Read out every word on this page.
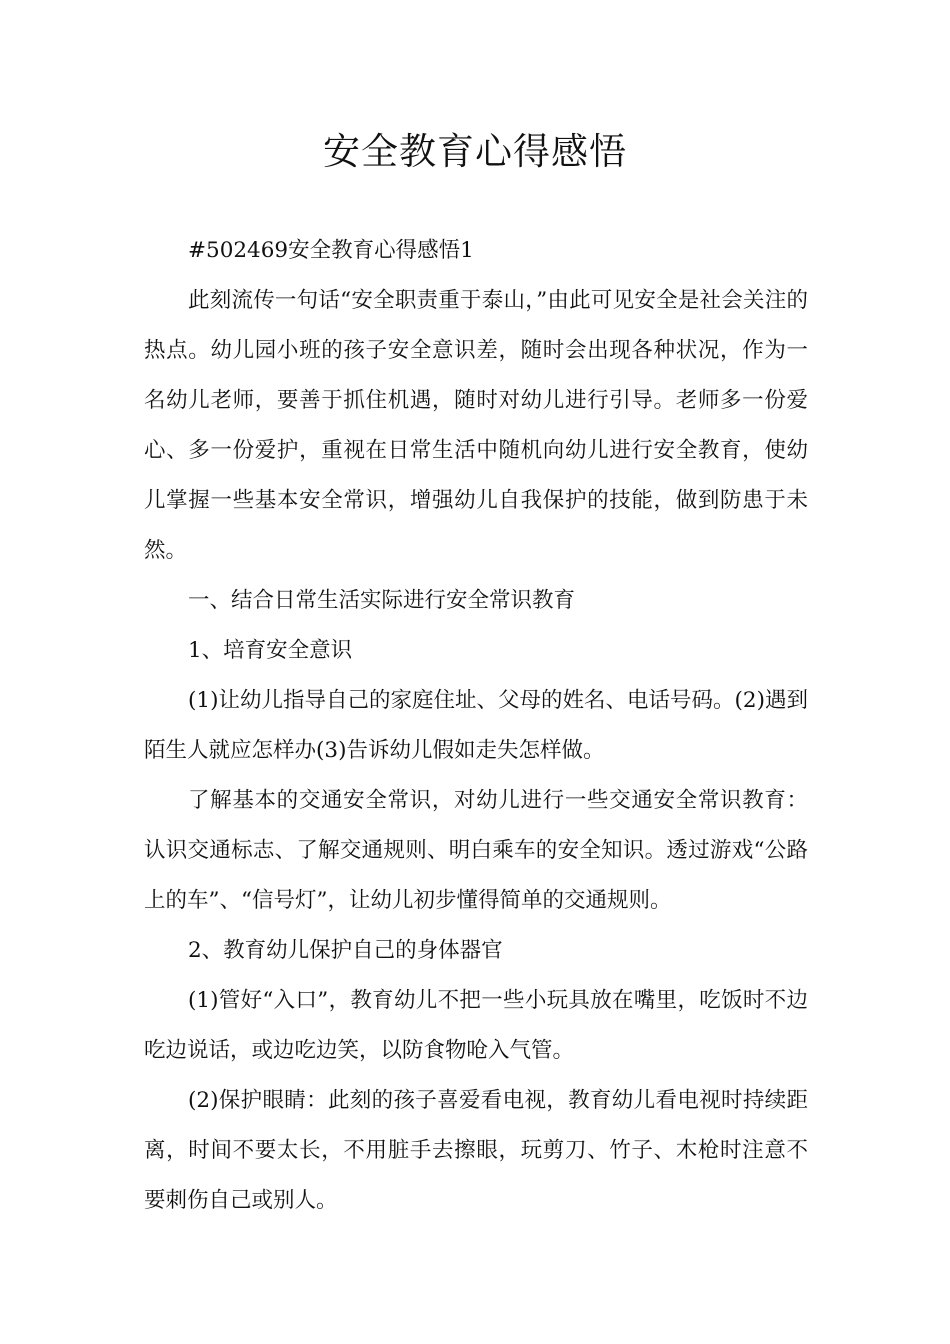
安全教育心得感悟

#502469安全教育心得感悟1

此刻流传一句话“安全职责重于泰山，”由此可见安全是社会关注的热点。幼儿园小班的孩子安全意识差，随时会出现各种状况，作为一名幼儿老师，要善于抓住机遇，随时对幼儿进行引导。老师多一份爱心、多一份爱护，重视在日常生活中随机向幼儿进行安全教育，使幼儿掌握一些基本安全常识，增强幼儿自我保护的技能，做到防患于未然。

一、结合日常生活实际进行安全常识教育

1、培育安全意识

(1)让幼儿指导自己的家庭住址、父母的姓名、电话号码。(2)遇到陌生人就应怎样办(3)告诉幼儿假如走失怎样做。

了解基本的交通安全常识，对幼儿进行一些交通安全常识教育：认识交通标志、了解交通规则、明白乘车的安全知识。透过游戏“公路上的车”、“信号灯”，让幼儿初步懂得简单的交通规则。

2、教育幼儿保护自己的身体器官

(1)管好“入口”，教育幼儿不把一些小玩具放在嘴里，吃饭时不边吃边说话，或边吃边笑，以防食物呛入气管。

(2)保护眼睛：此刻的孩子喜爱看电视，教育幼儿看电视时持续距离，时间不要太长，不用脏手去擦眼，玩剪刀、竹子、木枪时注意不要刺伤自己或别人。
